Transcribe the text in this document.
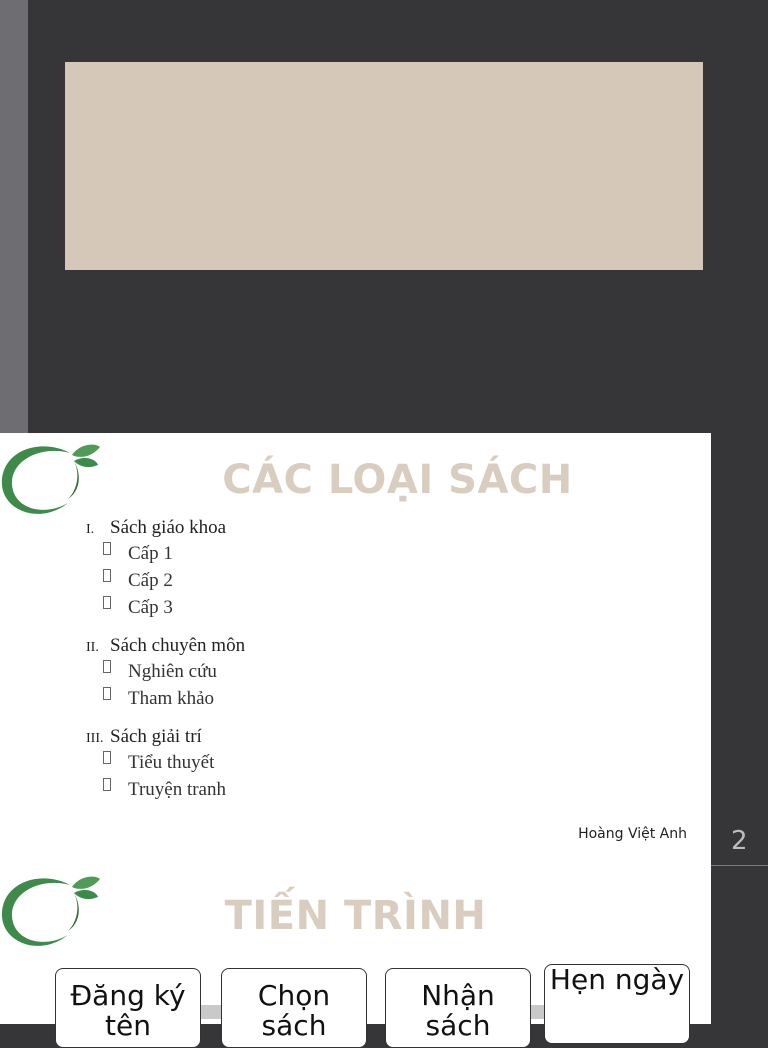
CÁC LOẠI SÁCH
I. Sách giáo khoa
Cấp 1
Cấp 2
Cấp 3
II. Sách chuyên môn
Nghiên cứu
Tham khảo
III. Sách giải trí
Tiểu thuyết
Truyện tranh
Hoàng Việt Anh 2
TIẾN TRÌNH
Đăng ký tên
Chọn sách
Nhận sách
Hẹn ngày
